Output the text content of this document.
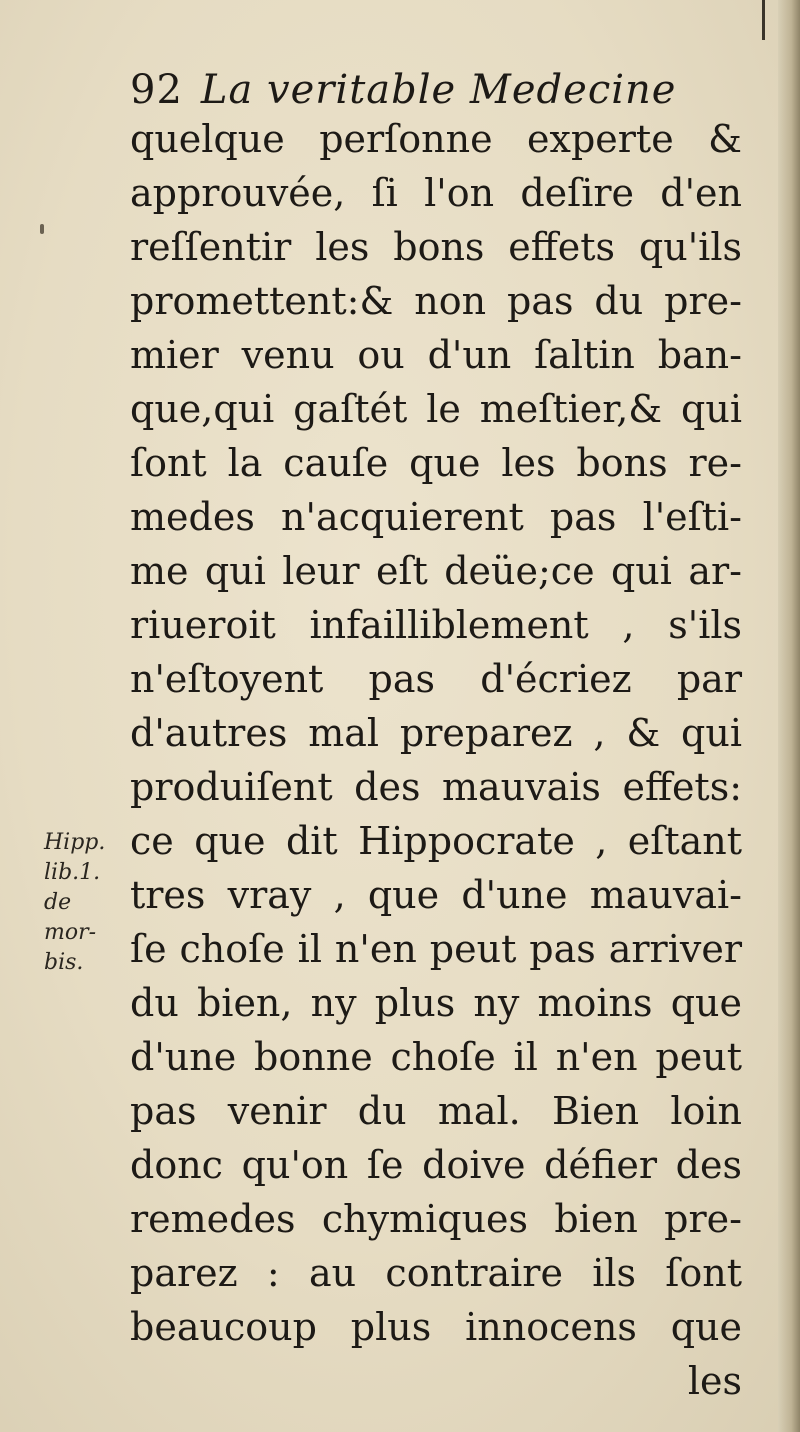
92 La veritable Medecine
Hipp.
lib.1.
de
mor-
bis.
quelque perſonne experte &
approuvée, ſi l'on deſire d'en
reſſentir les bons effets qu'ils
promettent:& non pas du pre-
mier venu ou d'un ſaltin ban-
que,qui gaſtét le meſtier,& qui
ſont la cauſe que les bons re-
medes n'acquierent pas l'eſti-
me qui leur eſt deüe;ce qui ar-
riueroit infailliblement , s'ils
n'eſtoyent pas d'écriez par
d'autres mal preparez , & qui
produiſent des mauvais effets:
ce que dit Hippocrate , eſtant
tres vray , que d'une mauvai-
ſe choſe il n'en peut pas arriver
du bien, ny plus ny moins que
d'une bonne choſe il n'en peut
pas venir du mal. Bien loin
donc qu'on ſe doive défier des
remedes chymiques bien pre-
parez : au contraire ils ſont
beaucoup plus innocens que
les
